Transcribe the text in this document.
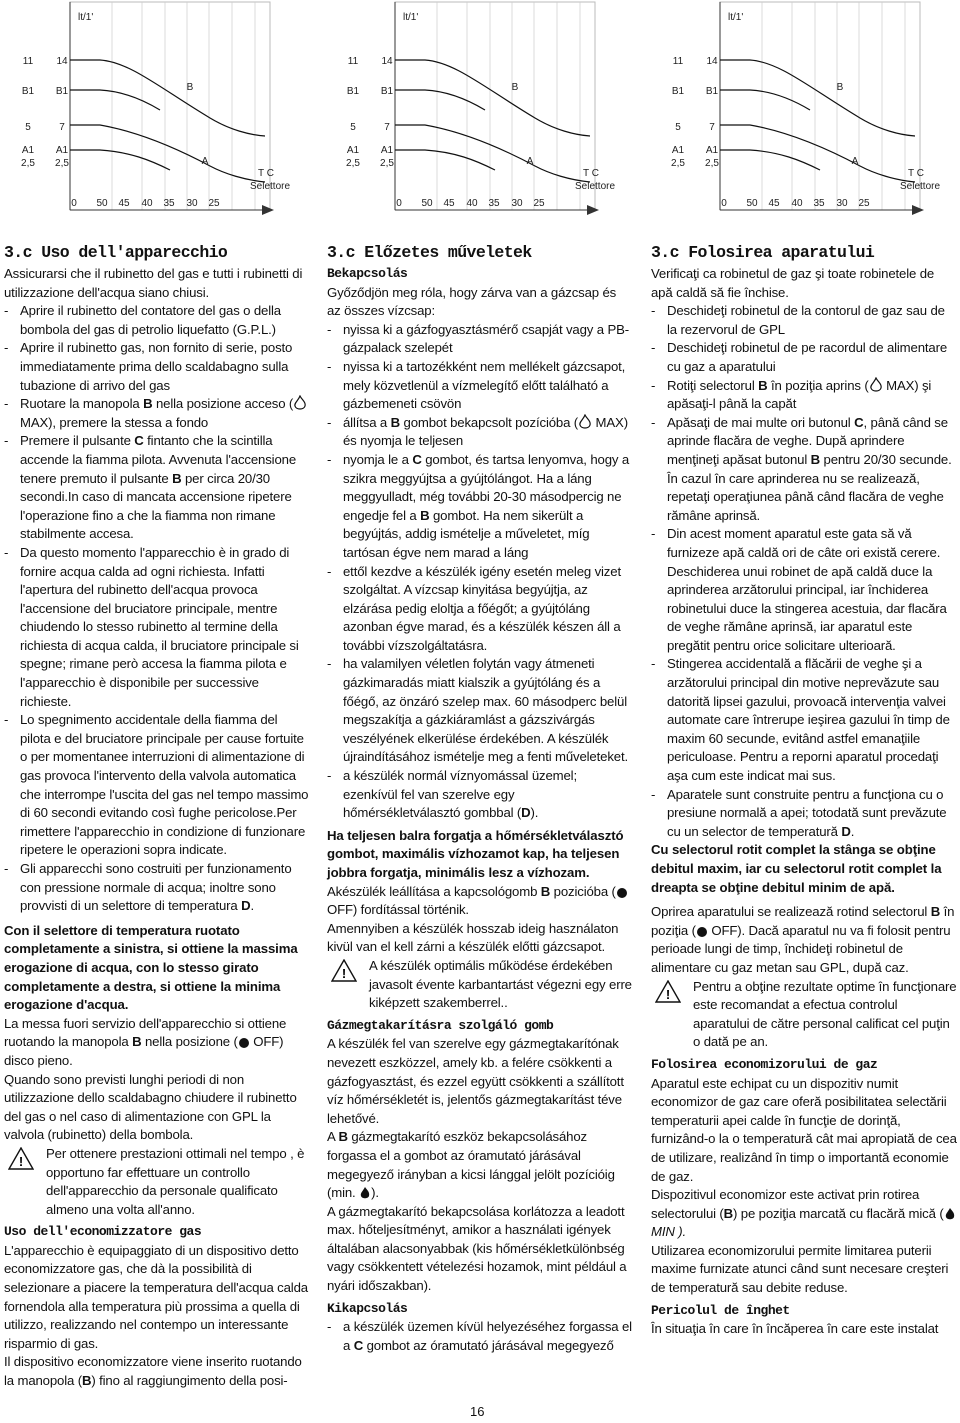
lt/1'
11 14
B1 B1	B
5	7
A1 A1
2,5 2,5	A
T C
Selettore
0 50 45 40 35 30 25
lt/1'
11 14
B1 B1	B
5	7
A1 A1
2,5 2,5	A
T C
Selettore
0 50 45 40 35 30 25
lt/1'
11 14
B1 B1	B
5	7
A1 A1
2,5 2,5	A
T C
Selettore
0 50 45 40 35 30 25

3.c Uso dell'apparecchio

Assicurarsi che il rubinetto del gas e tutti i rubinetti di utilizzazione dell'acqua siano chiusi.

- Aprire il rubinetto del contatore del gas o della bombola del gas di petrolio liquefatto (G.P.L.)

- Aprire il rubinetto gas, non fornito di serie, posto immediatamente prima dello scaldabagno sulla tubazione di arrivo del gas

- Ruotare la manopola B nella posizione acceso ( MAX), premere la stessa a fondo

- Premere il pulsante C fintanto che la scintilla accende la fiamma pilota. Avvenuta l'accensione tenere premuto il pulsante B per circa 20/30 secondi.In caso di mancata accensione ripetere l'operazione fino a che la fiamma non rimane stabilmente accesa.

- Da questo momento l'apparecchio è in grado di fornire acqua calda ad ogni richiesta. Infatti l'apertura del rubinetto dell'acqua provoca l'accensione del bruciatore principale, mentre chiudendo lo stesso rubinetto al termine della richiesta di acqua calda, il bruciatore principale si spegne; rimane però accesa la fiamma pilota e l'apparecchio è disponibile per successive richieste.

- Lo spegnimento accidentale della fiamma del pilota e del bruciatore principale per cause fortuite o per momentanee interruzioni di alimentazione di gas provoca l'intervento della valvola automatica che interrompe l'uscita del gas nel tempo massimo di 60 secondi evitando così fughe pericolose.Per rimettere l'apparecchio in condizione di funzionare ripetere le operazioni sopra indicate.

- Gli apparecchi sono costruiti per funzionamento con pressione normale di acqua; inoltre sono provvisti di un selettore di temperatura D.

Con il selettore di temperatura ruotato completamente a sinistra, si ottiene la massima erogazione di acqua, con lo stesso girato completamente a destra, si ottiene la minima erogazione d'acqua.

La messa fuori servizio dell'apparecchio si ottiene ruotando la manopola B nella posizione ( OFF) disco pieno.

Quando sono previsti lunghi periodi di non utilizzazione dello scaldabagno chiudere il rubinetto del gas o nel caso di alimentazione con GPL la valvola (rubinetto) della bombola.

!
Per ottenere prestazioni ottimali nel tempo , è opportuno far effettuare un controllo dell'apparecchio da personale qualificato almeno una volta all'anno.

Uso dell'economizzatore gas

L'apparecchio è equipaggiato di un dispositivo detto economizzatore gas, che dà la possibilità di selezionare a piacere la temperatura dell'acqua calda fornendola alla temperatura più prossima a quella di utilizzo, realizzando nel contempo un interessante risparmio di gas.

Il dispositivo economizzatore viene inserito ruotando la manopola (B) fino al raggiungimento della posi-

3.c Előzetes műveletek

Bekapcsolás

Győződjön meg róla, hogy zárva van a gázcsap és az összes vízcsap:

- nyissa ki a gázfogyasztásmérő csapját vagy a PB-gázpalack szelepét

- nyissa ki a tartozékként nem mellékelt gázcsapot, mely közvetlenül a vízmelegítő előtt található a gázbemeneti csövön

- állítsa a B gombot bekapcsolt pozícióba ( MAX) és nyomja le teljesen

- nyomja le a C gombot, és tartsa lenyomva, hogy a szikra meggyújtsa a gyújtólángot. Ha a láng meggyulladt, még további 20-30 másodpercig ne engedje fel a B gombot. Ha nem sikerült a begyújtás, addig ismételje a műveletet, míg tartósan égve nem marad a láng

- ettől kezdve a készülék igény esetén meleg vizet szolgáltat. A vízcsap kinyitása begyújtja, az elzárása pedig eloltja a főégőt; a gyújtóláng azonban égve marad, és a készülék készen áll a további vízszolgáltatásra.

- ha valamilyen véletlen folytán vagy átmeneti gázkimaradás miatt kialszik a gyújtóláng és a főégő, az önzáró szelep max. 60 másodperc belül megszakítja a gázkiáramlást a gázszivárgás veszélyének elkerülése érdekében. A készülék újraindításához ismételje meg a fenti műveleteket.

- a készülék normál víznyomással üzemel; ezenkívül fel van szerelve egy hőmérsékletválasztó gombbal (D).

Ha teljesen balra forgatja a hőmérsékletválasztó gombot, maximális vízhozamot kap, ha teljesen jobbra forgatja, minimális lesz a vízhozam.

Akészülék leállítása a kapcsológomb B pozicióba ( OFF) fordítással történik.

Amennyiben a készülék hosszab ideig használaton kivül van el kell zárni a készülék előtti gázcsapot.

!
A készülék optimális működése érdekében javasolt évente karbantartást végezni egy erre kiképzett szakemberrel..

Gázmegtakarításra szolgáló gomb

A készülék fel van szerelve egy gázmegtakarítónak nevezett eszközzel, amely kb. a felére csökkenti a gázfogyasztást, és ezzel együtt csökkenti a szállított víz hőmérsékletét is, jelentős gázmegtakarítást téve lehetővé.

A B gázmegtakarító eszköz bekapcsolásához forgassa el a gombot az óramutató járásával megegyező irányban a kicsi lánggal jelölt pozícióig (min. ).

A gázmegtakarító bekapcsolása korlátozza a leadott max. hőteljesítményt, amikor a használati igények általában alacsonyabbak (kis hőmérsékletkülönbség vagy csökkentett vételezési hozamok, mint például a nyári időszakban).

Kikapcsolás

- a készülék üzemen kívül helyezéséhez forgassa el a C gombot az óramutató járásával megegyező

3.c Folosirea aparatului

Verificaţi ca robinetul de gaz şi toate robinetele de apă caldă să fie închise.

- Deschideţi robinetul de la contorul de gaz sau de la rezervorul de GPL

- Deschideţi robinetul de pe racordul de alimentare cu gaz a aparatului

- Rotiţi selectorul B în poziţia aprins ( MAX) şi apăsaţi-l până la capăt

- Apăsaţi de mai multe ori butonul C, până când se aprinde flacăra de veghe. După aprindere menţineţi apăsat butonul B pentru 20/30 secunde. În cazul în care aprinderea nu se realizează, repetaţi operaţiunea până când flacăra de veghe rămâne aprinsă.

- Din acest moment aparatul este gata să vă furnizeze apă caldă ori de câte ori există cerere. Deschiderea unui robinet de apă caldă duce la aprinderea arzătorului principal, iar închiderea robinetului duce la stingerea acestuia, dar flacăra de veghe rămâne aprinsă, iar aparatul este pregătit pentru orice solicitare ulterioară.

- Stingerea accidentală a flăcării de veghe şi a arzătorului principal din motive neprevăzute sau datorită lipsei gazului, provoacă intervenţia valvei automate care întrerupe ieşirea gazului în timp de maxim 60 secunde, evitând astfel emanaţiile periculoase. Pentru a reporni aparatul procedaţi aşa cum este indicat mai sus.

- Aparatele sunt construite pentru a funcţiona cu o presiune normală a apei; totodată sunt prevăzute cu un selector de temperatură D.

Cu selectorul rotit complet la stânga se obţine debitul maxim, iar cu selectorul rotit complet la dreapta se obţine debitul minim de apă.

Oprirea aparatului se realizează rotind selectorul B în poziţia ( OFF). Dacă aparatul nu va fi folosit pentru perioade lungi de timp, închideţi robinetul de alimentare cu gaz metan sau GPL, după caz.

!
Pentru a obţine rezultate optime în funcţionare este recomandat a efectua controlul aparatului de către personal calificat cel puţin o dată pe an.

Folosirea economizorului de gaz

Aparatul este echipat cu un dispozitiv numit economizor de gaz care oferă posibilitatea selectării temperaturii apei calde în funcţie de dorinţă, furnizând-o la o temperatură cât mai apropiată de cea de utilizare, realizând în timp o importantă economie de gaz.

Dispozitivul economizor este activat prin rotirea selectorului (B) pe poziţia marcată cu flacără mică ( MIN ).

Utilizarea economizorului permite limitarea puterii maxime furnizate atunci când sunt necesare creşteri de temperatură sau debite reduse.

Pericolul de înghet

În situaţia în care în încăperea în care este instalat

16
